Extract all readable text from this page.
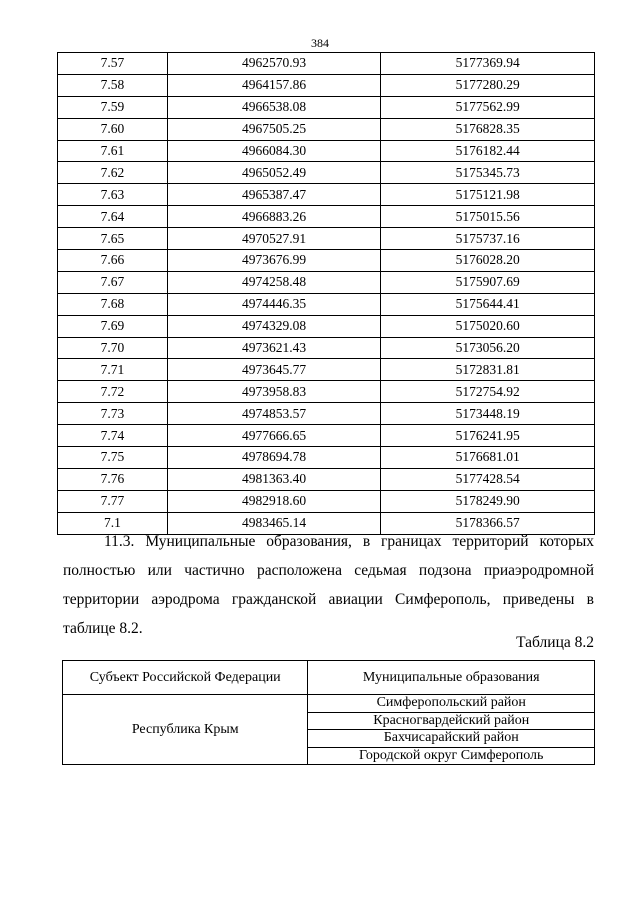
384
7.57	4962570.93	5177369.94
7.58	4964157.86	5177280.29
7.59	4966538.08	5177562.99
7.60	4967505.25	5176828.35
7.61	4966084.30	5176182.44
7.62	4965052.49	5175345.73
7.63	4965387.47	5175121.98
7.64	4966883.26	5175015.56
7.65	4970527.91	5175737.16
7.66	4973676.99	5176028.20
7.67	4974258.48	5175907.69
7.68	4974446.35	5175644.41
7.69	4974329.08	5175020.60
7.70	4973621.43	5173056.20
7.71	4973645.77	5172831.81
7.72	4973958.83	5172754.92
7.73	4974853.57	5173448.19
7.74	4977666.65	5176241.95
7.75	4978694.78	5176681.01
7.76	4981363.40	5177428.54
7.77	4982918.60	5178249.90
7.1	4983465.14	5178366.57

11.3. Муниципальные образования, в границах территорий которых полностью или частично расположена седьмая подзона приаэродромной территории аэродрома гражданской авиации Симферополь, приведены в таблице 8.2.

Таблица 8.2
Субъект Российской Федерации	Муниципальные образования
Республика Крым	Симферопольский район
	Красногвардейский район
	Бахчисарайский район
	Городской округ Симферополь
